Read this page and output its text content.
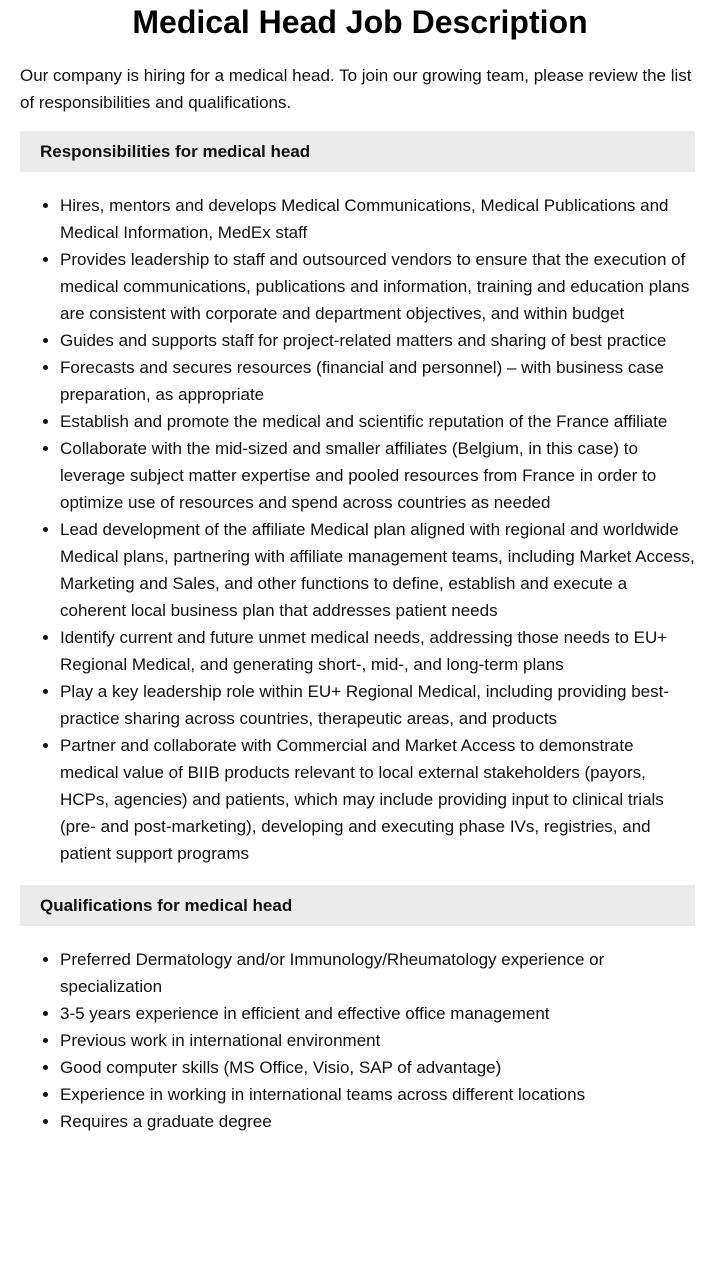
Medical Head Job Description

Our company is hiring for a medical head. To join our growing team, please review the list of responsibilities and qualifications.

Responsibilities for medical head
• Hires, mentors and develops Medical Communications, Medical Publications and Medical Information, MedEx staff
• Provides leadership to staff and outsourced vendors to ensure that the execution of medical communications, publications and information, training and education plans are consistent with corporate and department objectives, and within budget
• Guides and supports staff for project-related matters and sharing of best practice
• Forecasts and secures resources (financial and personnel) – with business case preparation, as appropriate
• Establish and promote the medical and scientific reputation of the France affiliate
• Collaborate with the mid-sized and smaller affiliates (Belgium, in this case) to leverage subject matter expertise and pooled resources from France in order to optimize use of resources and spend across countries as needed
• Lead development of the affiliate Medical plan aligned with regional and worldwide Medical plans, partnering with affiliate management teams, including Market Access, Marketing and Sales, and other functions to define, establish and execute a coherent local business plan that addresses patient needs
• Identify current and future unmet medical needs, addressing those needs to EU+ Regional Medical, and generating short-, mid-, and long-term plans
• Play a key leadership role within EU+ Regional Medical, including providing best-practice sharing across countries, therapeutic areas, and products
• Partner and collaborate with Commercial and Market Access to demonstrate medical value of BIIB products relevant to local external stakeholders (payors, HCPs, agencies) and patients, which may include providing input to clinical trials (pre- and post-marketing), developing and executing phase IVs, registries, and patient support programs
Qualifications for medical head
• Preferred Dermatology and/or Immunology/Rheumatology experience or specialization
• 3-5 years experience in efficient and effective office management
• Previous work in international environment
• Good computer skills (MS Office, Visio, SAP of advantage)
• Experience in working in international teams across different locations
• Requires a graduate degree
